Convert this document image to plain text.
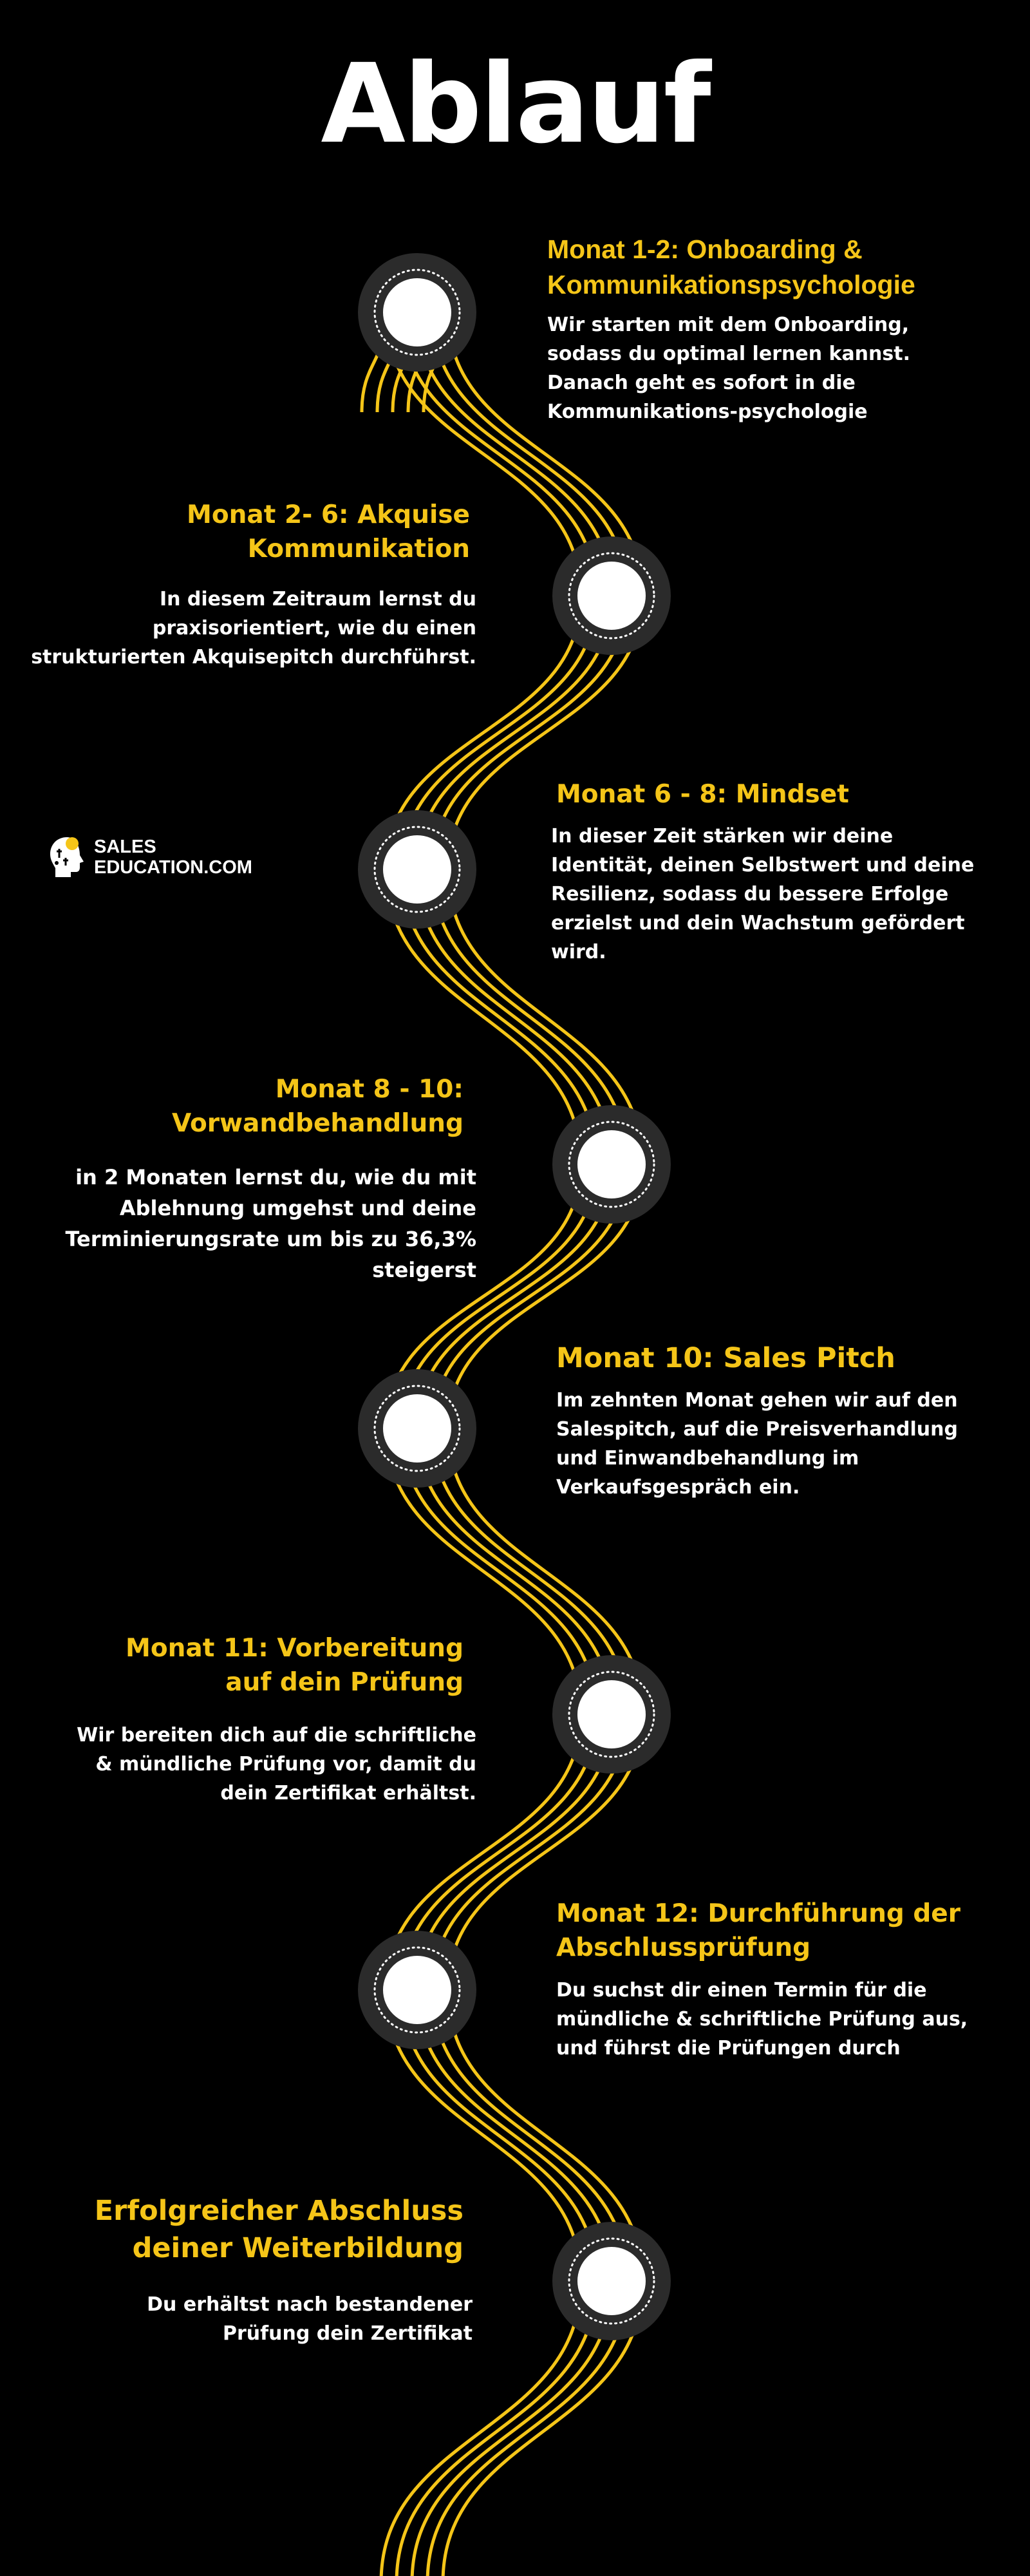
Ablauf
SALES
EDUCATION.COM
Monat 1-2: Onboarding & Kommunikationspsychologie
Wir starten mit dem Onboarding, sodass du optimal lernen kannst. Danach geht es sofort in die Kommunikations-psychologie
Monat 2- 6: Akquise Kommunikation
In diesem Zeitraum lernst du praxisorientiert, wie du einen strukturierten Akquisepitch durchführst.
Monat 6 - 8: Mindset
In dieser Zeit stärken wir deine Identität, deinen Selbstwert und deine Resilienz, sodass du bessere Erfolge erzielst und dein Wachstum gefördert wird.
Monat 8 - 10: Vorwandbehandlung
in 2 Monaten lernst du, wie du mit Ablehnung umgehst und deine Terminierungsrate um bis zu 36,3% steigerst
Monat 10: Sales Pitch
Im zehnten Monat gehen wir auf den Salespitch, auf die Preisverhandlung und Einwandbehandlung im Verkaufsgespräch ein.
Monat 11: Vorbereitung auf dein Prüfung
Wir bereiten dich auf die schriftliche & mündliche Prüfung vor, damit du dein Zertifikat erhältst.
Monat 12: Durchführung der Abschlussprüfung
Du suchst dir einen Termin für die mündliche & schriftliche Prüfung aus, und führst die Prüfungen durch
Erfolgreicher Abschluss deiner Weiterbildung
Du erhältst nach bestandener Prüfung dein Zertifikat
